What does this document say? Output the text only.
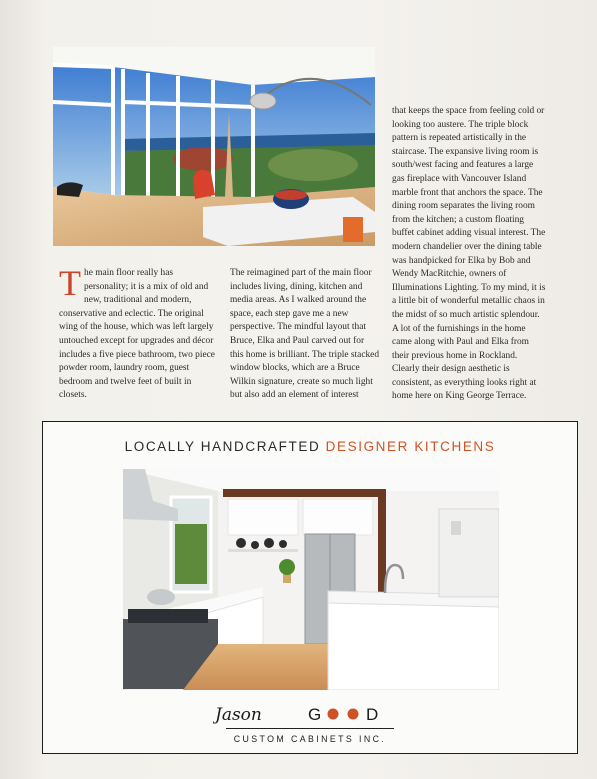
The main floor really has personality; it is a mix of old and new, traditional and modern, conservative and eclectic. The original wing of the house, which was left largely untouched except for upgrades and décor includes a five piece bathroom, two piece powder room, laundry room, guest bedroom and twelve feet of built in closets.

The reimagined part of the main floor includes living, dining, kitchen and media areas. As I walked around the space, each step gave me a new perspective. The mindful layout that Bruce, Elka and Paul carved out for this home is brilliant. The triple stacked window blocks, which are a Bruce Wilkin signature, create so much light but also add an element of interest

that keeps the space from feeling cold or looking too austere. The triple block pattern is repeated artistically in the staircase. The expansive living room is south/west facing and features a large gas fireplace with Vancouver Island marble front that anchors the space. The dining room separates the living room from the kitchen; a custom floating buffet cabinet adding visual interest. The modern chandelier over the dining table was handpicked for Elka by Bob and Wendy MacRitchie, owners of Illuminations Lighting. To my mind, it is a little bit of wonderful metallic chaos in the midst of so much artistic splendour. A lot of the furnishings in the home came along with Paul and Elka from their previous home in Rockland. Clearly their design aesthetic is consistent, as everything looks right at home here on King George Terrace.

LOCALLY HANDCRAFTED DESIGNER KITCHENS
Jason	G	D
CUSTOM CABINETS INC.
